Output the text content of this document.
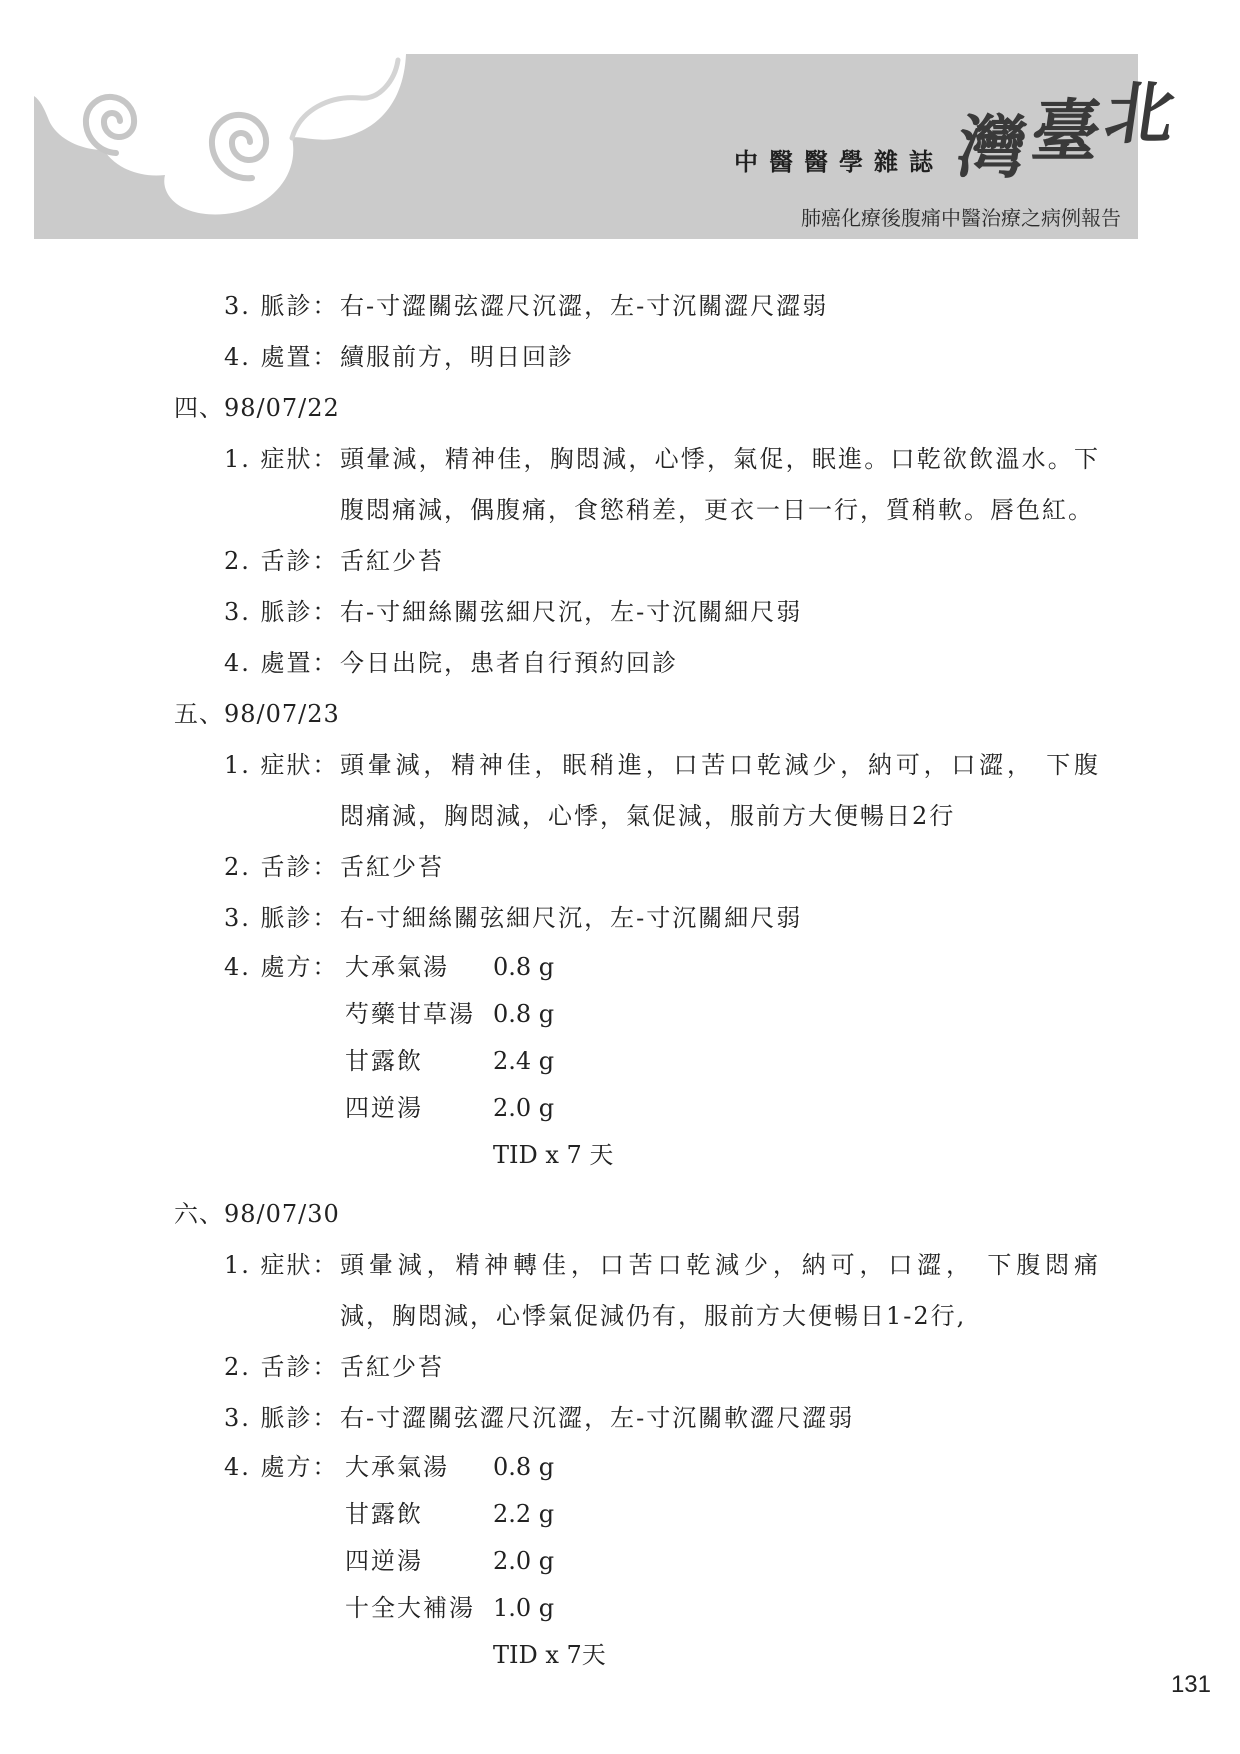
中醫醫學雜誌 灣
臺
北
肺癌化療後腹痛中醫治療之病例報告
3. 脈診： 右-寸澀關弦澀尺沉澀，左-寸沉關澀尺澀弱
4. 處置： 續服前方，明日回診
四、98/07/22
1. 症狀： 頭暈減，精神佳，胸悶減，心悸，氣促，眠進。口乾欲飲溫水。下
腹悶痛減，偶腹痛，食慾稍差，更衣一日一行，質稍軟。唇色紅。
2. 舌診： 舌紅少苔
3. 脈診： 右-寸細絲關弦細尺沉，左-寸沉關細尺弱
4. 處置： 今日出院，患者自行預約回診
五、98/07/23
1. 症狀： 頭暈減，精神佳，眠稍進，口苦口乾減少，納可，口澀， 下腹
悶痛減，胸悶減，心悸，氣促減，服前方大便暢日2行
2. 舌診： 舌紅少苔
3. 脈診： 右-寸細絲關弦細尺沉，左-寸沉關細尺弱
4. 處方： 大承氣湯 0.8 g
芍藥甘草湯 0.8 g
甘露飲	2.4 g
四逆湯	2.0 g
TID x 7 天
六、98/07/30
1. 症狀： 頭暈減，精神轉佳，口苦口乾減少，納可，口澀， 下腹悶痛
減，胸悶減，心悸氣促減仍有，服前方大便暢日1-2行,
2. 舌診： 舌紅少苔
3. 脈診： 右-寸澀關弦澀尺沉澀，左-寸沉關軟澀尺澀弱
4. 處方： 大承氣湯 0.8 g
甘露飲	2.2 g
四逆湯	2.0 g
十全大補湯 1.0 g
TID x 7天
131
